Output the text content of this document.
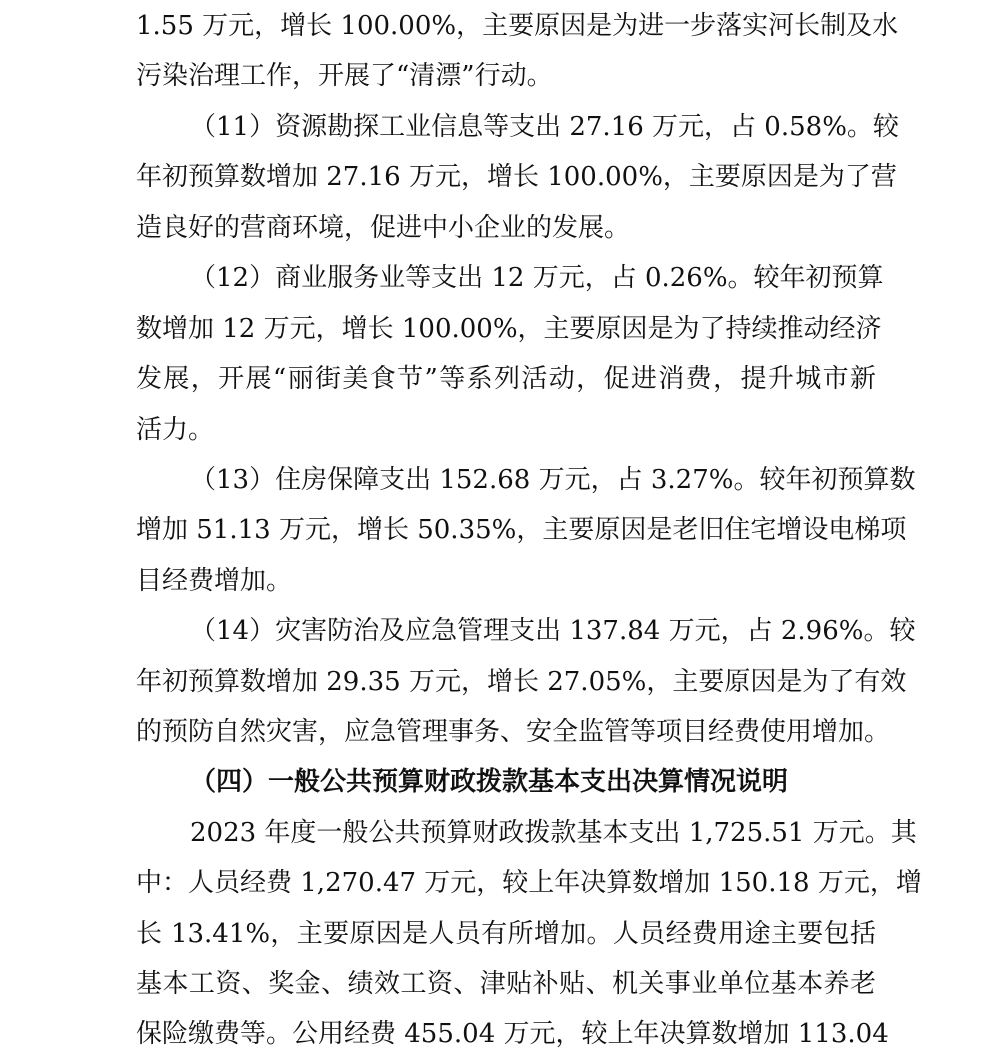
1.55 万元，增长 100.00%，主要原因是为进一步落实河长制及水
污染治理工作，开展了“清漂”行动。
（11）资源勘探工业信息等支出 27.16 万元，占 0.58%。较
年初预算数增加 27.16 万元，增长 100.00%，主要原因是为了营
造良好的营商环境，促进中小企业的发展。
（12）商业服务业等支出 12 万元，占 0.26%。较年初预算
数增加 12 万元，增长 100.00%，主要原因是为了持续推动经济
发展，开展“丽街美食节”等系列活动，促进消费，提升城市新
活力。
（13）住房保障支出 152.68 万元，占 3.27%。较年初预算数
增加 51.13 万元，增长 50.35%，主要原因是老旧住宅增设电梯项
目经费增加。
（14）灾害防治及应急管理支出 137.84 万元，占 2.96%。较
年初预算数增加 29.35 万元，增长 27.05%，主要原因是为了有效
的预防自然灾害，应急管理事务、安全监管等项目经费使用增加。
（四）一般公共预算财政拨款基本支出决算情况说明
2023 年度一般公共预算财政拨款基本支出 1,725.51 万元。其
中：人员经费 1,270.47 万元，较上年决算数增加 150.18 万元，增
长 13.41%，主要原因是人员有所增加。人员经费用途主要包括
基本工资、奖金、绩效工资、津贴补贴、机关事业单位基本养老
保险缴费等。公用经费 455.04 万元，较上年决算数增加 113.04
